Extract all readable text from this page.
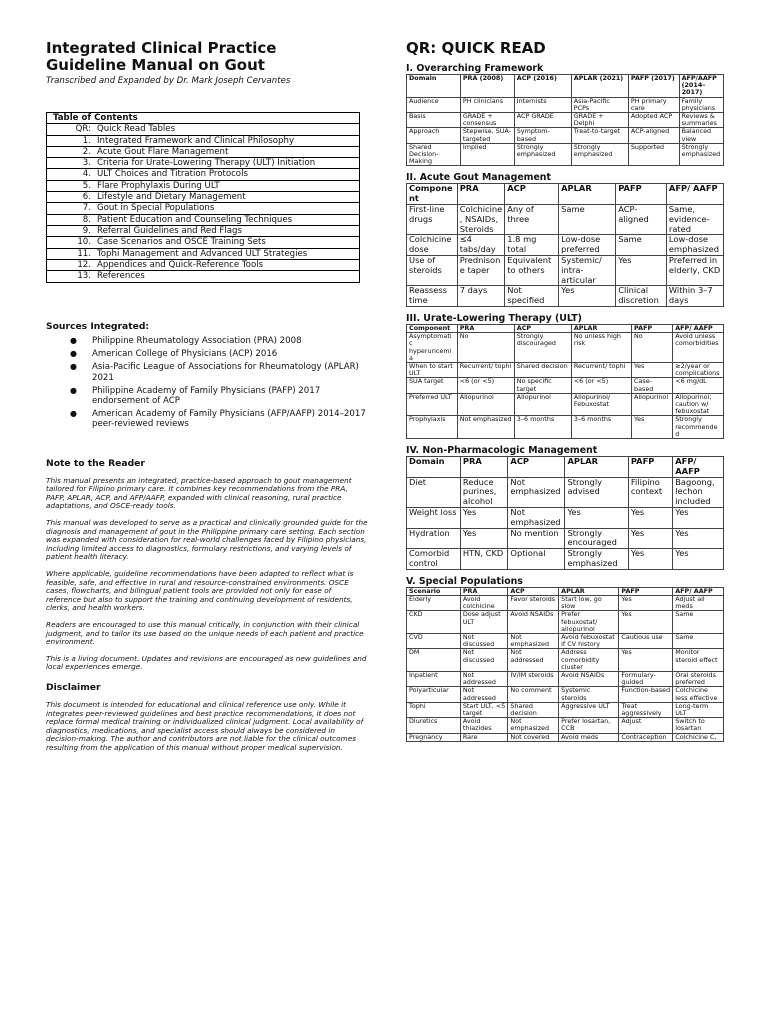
Integrated Clinical Practice
Guideline Manual on Gout
Transcribed and Expanded by Dr. Mark Joseph Cervantes
Table of Contents
QR: Quick Read Tables
1. Integrated Framework and Clinical Philosophy
2. Acute Gout Flare Management
3. Criteria for Urate-Lowering Therapy (ULT) Initiation
4. ULT Choices and Titration Protocols
5. Flare Prophylaxis During ULT
6. Lifestyle and Dietary Management
7. Gout in Special Populations
8. Patient Education and Counseling Techniques
9. Referral Guidelines and Red Flags
10. Case Scenarios and OSCE Training Sets
11. Tophi Management and Advanced ULT Strategies
12. Appendices and Quick-Reference Tools
13. References
Sources Integrated:
● Philippine Rheumatology Association (PRA) 2008
● American College of Physicians (ACP) 2016
● Asia-Pacific League of Associations for Rheumatology (APLAR) 2021
● Philippine Academy of Family Physicians (PAFP) 2017 endorsement of ACP
● American Academy of Family Physicians (AFP/AAFP) 2014–2017 peer-reviewed reviews
Note to the Reader
This manual presents an integrated, practice-based approach to gout management tailored for Filipino primary care. It combines key recommendations from the PRA, PAFP, APLAR, ACP, and AFP/AAFP, expanded with clinical reasoning, rural practice adaptations, and OSCE-ready tools.
This manual was developed to serve as a practical and clinically grounded guide for the diagnosis and management of gout in the Philippine primary care setting. Each section was expanded with consideration for real-world challenges faced by Filipino physicians, including limited access to diagnostics, formulary restrictions, and varying levels of patient health literacy.
Where applicable, guideline recommendations have been adapted to reflect what is feasible, safe, and effective in rural and resource-constrained environments. OSCE cases, flowcharts, and bilingual patient tools are provided not only for ease of reference but also to support the training and continuing development of residents, clerks, and health workers.
Readers are encouraged to use this manual critically, in conjunction with their clinical judgment, and to tailor its use based on the unique needs of each patient and practice environment.
This is a living document. Updates and revisions are encouraged as new guidelines and local experiences emerge.
Disclaimer
This document is intended for educational and clinical reference use only. While it integrates peer-reviewed guidelines and best practice recommendations, it does not replace formal medical training or individualized clinical judgment. Local availability of diagnostics, medications, and specialist access should always be considered in decision-making. The author and contributors are not liable for the clinical outcomes resulting from the application of this manual without proper medical supervision.
QR: QUICK READ
I. Overarching Framework
Domain	PRA (2008)	ACP (2016)	APLAR (2021)	PAFP (2017)	AFP/AAFP (2014–2017)
Audience	PH clinicians	Internists	Asia-Pacific PCPs	PH primary care	Family physicians
Basis	GRADE + consensus	ACP GRADE	GRADE + Delphi	Adopted ACP	Reviews & summaries
Approach	Stepwise, SUA-targeted	Symptom-based	Treat-to-target	ACP-aligned	Balanced view
Shared Decision-Making	Implied	Strongly emphasized	Strongly emphasized	Supported	Strongly emphasized
II. Acute Gout Management
Component	PRA	ACP	APLAR	PAFP	AFP/ AAFP
First-line drugs	Colchicine, NSAIDs, Steroids	Any of three	Same	ACP-aligned	Same, evidence-rated
Colchicine dose	≤4 tabs/day	1.8 mg total	Low-dose preferred	Same	Low-dose emphasized
Use of steroids	Prednisone taper	Equivalent to others	Systemic/ intra-articular	Yes	Preferred in elderly, CKD
Reassess time	7 days	Not specified	Yes	Clinical discretion	Within 3–7 days
III. Urate-Lowering Therapy (ULT)
Component	PRA	ACP	APLAR	PAFP	AFP/ AAFP
Asymptomatic hyperuricemia	No	Strongly discouraged	No unless high risk	No	Avoid unless comorbidities
When to start ULT	Recurrent/ tophi	Shared decision	Recurrent/ tophi	Yes	≥2/year or complications
SUA target	<6 (or <5)	No specific target	<6 (or <5)	Case-based	<6 mg/dL
Preferred ULT	Allopurinol	Allopurinol	Allopurinol/ Febuxostat	Allopurinol	Allopurinol; caution w/ febuxostat
Prophylaxis	Not emphasized	3–6 months	3–6 months	Yes	Strongly recommended
IV. Non-Pharmacologic Management
Domain	PRA	ACP	APLAR	PAFP	AFP/ AAFP
Diet	Reduce purines, alcohol	Not emphasized	Strongly advised	Filipino context	Bagoong, lechon included
Weight loss	Yes	Not emphasized	Yes	Yes	Yes
Hydration	Yes	No mention	Strongly encouraged	Yes	Yes
Comorbid control	HTN, CKD	Optional	Strongly emphasized	Yes	Yes
V. Special Populations
Scenario	PRA	ACP	APLAR	PAFP	AFP/ AAFP
Elderly	Avoid colchicine	Favor steroids	Start low, go slow	Yes	Adjust all meds
CKD	Dose adjust ULT	Avoid NSAIDs	Prefer febuxostat/ allopurinol	Yes	Same
CVD	Not discussed	Not emphasized	Avoid febuxostat if CV history	Cautious use	Same
DM	Not discussed	Not addressed	Address comorbidity cluster	Yes	Monitor steroid effect
Inpatient	Not addressed	IV/IM steroids	Avoid NSAIDs	Formulary-guided	Oral steroids preferred
Polyarticular	Not addressed	No comment	Systemic steroids	Function-based	Colchicine less effective
Tophi	Start ULT, <5 target	Shared decision	Aggressive ULT	Treat aggressively	Long-term ULT
Diuretics	Avoid thiazides	Not emphasized	Prefer losartan, CCB	Adjust	Switch to losartan
Pregnancy	Rare	Not covered	Avoid meds	Contraception	Colchicine C,
